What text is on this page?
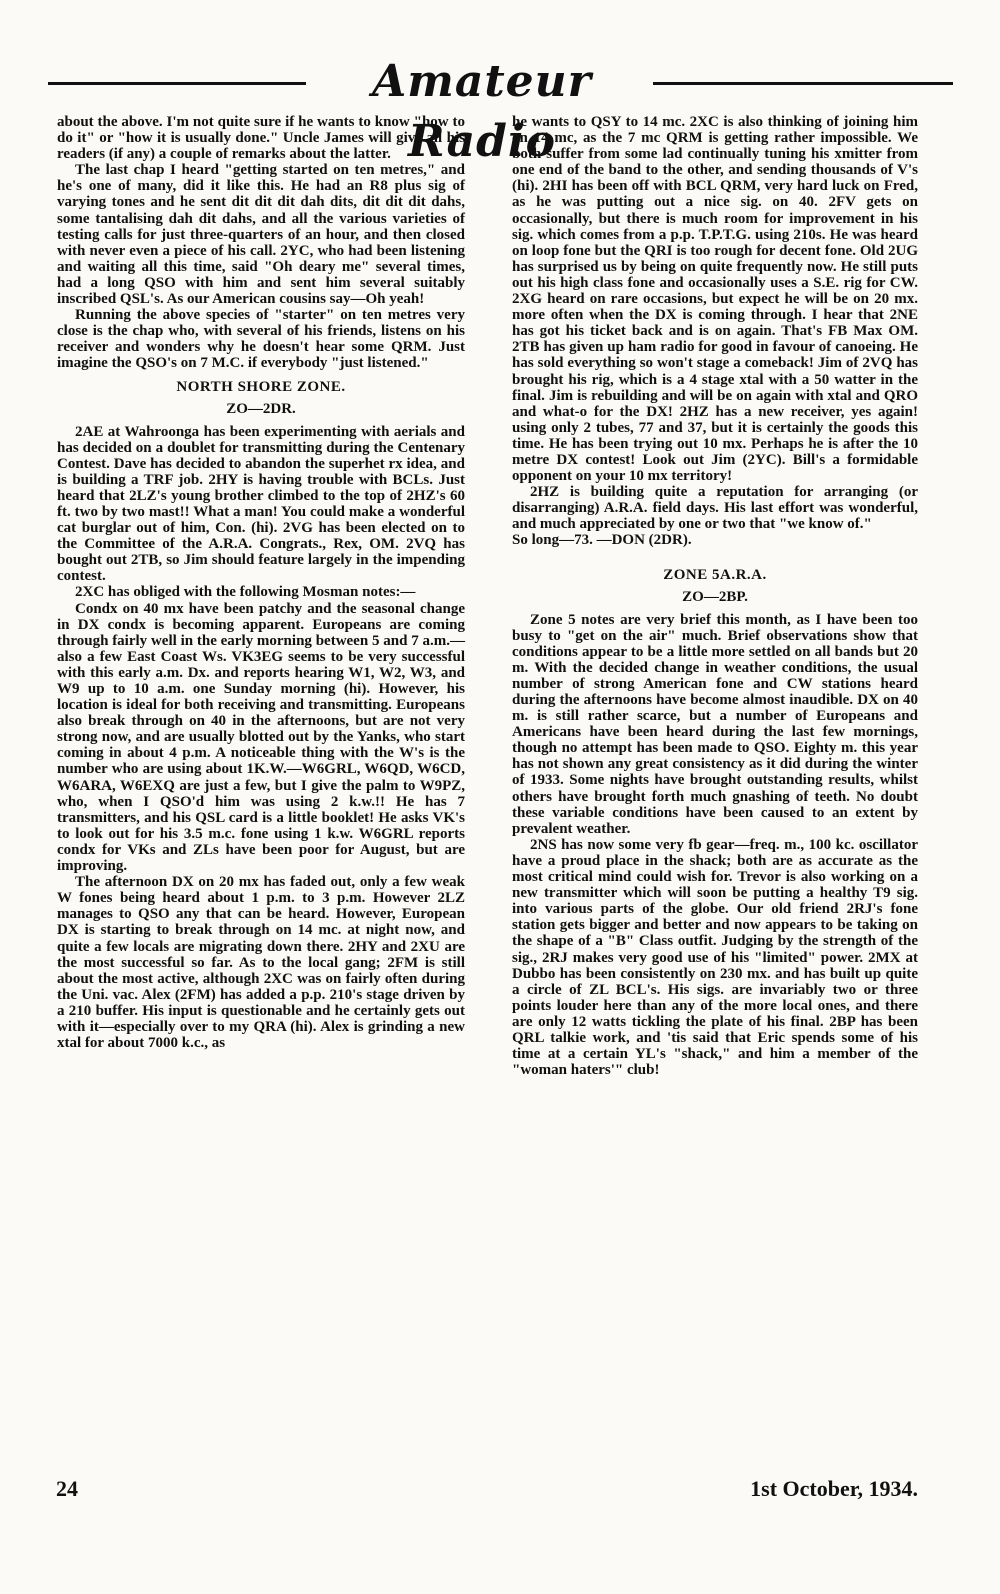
Amateur Radio

about the above. I'm not quite sure if he wants to know "how to do it" or "how it is usually done." Uncle James will give all his readers (if any) a couple of remarks about the latter.

The last chap I heard "getting started on ten metres," and he's one of many, did it like this. He had an R8 plus sig of varying tones and he sent dit dit dit dah dits, dit dit dit dahs, some tantalising dah dit dahs, and all the various varieties of testing calls for just three-quarters of an hour, and then closed with never even a piece of his call. 2YC, who had been listening and waiting all this time, said "Oh deary me" several times, had a long QSO with him and sent him several suitably inscribed QSL's. As our American cousins say—Oh yeah!

Running the above species of "starter" on ten metres very close is the chap who, with several of his friends, listens on his receiver and wonders why he doesn't hear some QRM. Just imagine the QSO's on 7 M.C. if everybody "just listened."

NORTH SHORE ZONE.
ZO—2DR.

2AE at Wahroonga has been experimenting with aerials and has decided on a doublet for transmitting during the Centenary Contest. Dave has decided to abandon the superhet rx idea, and is building a TRF job. 2HY is having trouble with BCLs. Just heard that 2LZ's young brother climbed to the top of 2HZ's 60 ft. two by two mast!! What a man! You could make a wonderful cat burglar out of him, Con. (hi). 2VG has been elected on to the Committee of the A.R.A. Congrats., Rex, OM. 2VQ has bought out 2TB, so Jim should feature largely in the impending contest.

2XC has obliged with the following Mosman notes:—

Condx on 40 mx have been patchy and the seasonal change in DX condx is becoming apparent. Europeans are coming through fairly well in the early morning between 5 and 7 a.m.—also a few East Coast Ws. VK3EG seems to be very successful with this early a.m. Dx. and reports hearing W1, W2, W3, and W9 up to 10 a.m. one Sunday morning (hi). However, his location is ideal for both receiving and transmitting. Europeans also break through on 40 in the afternoons, but are not very strong now, and are usually blotted out by the Yanks, who start coming in about 4 p.m. A noticeable thing with the W's is the number who are using about 1K.W.—W6GRL, W6QD, W6CD, W6ARA, W6EXQ are just a few, but I give the palm to W9PZ, who, when I QSO'd him was using 2 k.w.!! He has 7 transmitters, and his QSL card is a little booklet! He asks VK's to look out for his 3.5 m.c. fone using 1 k.w. W6GRL reports condx for VKs and ZLs have been poor for August, but are improving.

The afternoon DX on 20 mx has faded out, only a few weak W fones being heard about 1 p.m. to 3 p.m. However 2LZ manages to QSO any that can be heard. However, European DX is starting to break through on 14 mc. at night now, and quite a few locals are migrating down there. 2HY and 2XU are the most successful so far. As to the local gang; 2FM is still about the most active, although 2XC was on fairly often during the Uni. vac. Alex (2FM) has added a p.p. 210's stage driven by a 210 buffer. His input is questionable and he certainly gets out with it—especially over to my QRA (hi). Alex is grinding a new xtal for about 7000 k.c., as

he wants to QSY to 14 mc. 2XC is also thinking of joining him on 14 mc, as the 7 mc QRM is getting rather impossible. We both suffer from some lad continually tuning his xmitter from one end of the band to the other, and sending thousands of V's (hi). 2HI has been off with BCL QRM, very hard luck on Fred, as he was putting out a nice sig. on 40. 2FV gets on occasionally, but there is much room for improvement in his sig. which comes from a p.p. T.P.T.G. using 210s. He was heard on loop fone but the QRI is too rough for decent fone. Old 2UG has surprised us by being on quite frequently now. He still puts out his high class fone and occasionally uses a S.E. rig for CW. 2XG heard on rare occasions, but expect he will be on 20 mx. more often when the DX is coming through. I hear that 2NE has got his ticket back and is on again. That's FB Max OM. 2TB has given up ham radio for good in favour of canoeing. He has sold everything so won't stage a comeback! Jim of 2VQ has brought his rig, which is a 4 stage xtal with a 50 watter in the final. Jim is rebuilding and will be on again with xtal and QRO and what-o for the DX! 2HZ has a new receiver, yes again! using only 2 tubes, 77 and 37, but it is certainly the goods this time. He has been trying out 10 mx. Perhaps he is after the 10 metre DX contest! Look out Jim (2YC). Bill's a formidable opponent on your 10 mx territory!

2HZ is building quite a reputation for arranging (or disarranging) A.R.A. field days. His last effort was wonderful, and much appreciated by one or two that "we know of."

So long—73. —DON (2DR).

ZONE 5A.R.A.
ZO—2BP.

Zone 5 notes are very brief this month, as I have been too busy to "get on the air" much. Brief observations show that conditions appear to be a little more settled on all bands but 20 m. With the decided change in weather conditions, the usual number of strong American fone and CW stations heard during the afternoons have become almost inaudible. DX on 40 m. is still rather scarce, but a number of Europeans and Americans have been heard during the last few mornings, though no attempt has been made to QSO. Eighty m. this year has not shown any great consistency as it did during the winter of 1933. Some nights have brought outstanding results, whilst others have brought forth much gnashing of teeth. No doubt these variable conditions have been caused to an extent by prevalent weather.

2NS has now some very fb gear—freq. m., 100 kc. oscillator have a proud place in the shack; both are as accurate as the most critical mind could wish for. Trevor is also working on a new transmitter which will soon be putting a healthy T9 sig. into various parts of the globe. Our old friend 2RJ's fone station gets bigger and better and now appears to be taking on the shape of a "B" Class outfit. Judging by the strength of the sig., 2RJ makes very good use of his "limited" power. 2MX at Dubbo has been consistently on 230 mx. and has built up quite a circle of ZL BCL's. His sigs. are invariably two or three points louder here than any of the more local ones, and there are only 12 watts tickling the plate of his final. 2BP has been QRL talkie work, and 'tis said that Eric spends some of his time at a certain YL's "shack," and him a member of the "woman haters'" club!

24	1st October, 1934.
